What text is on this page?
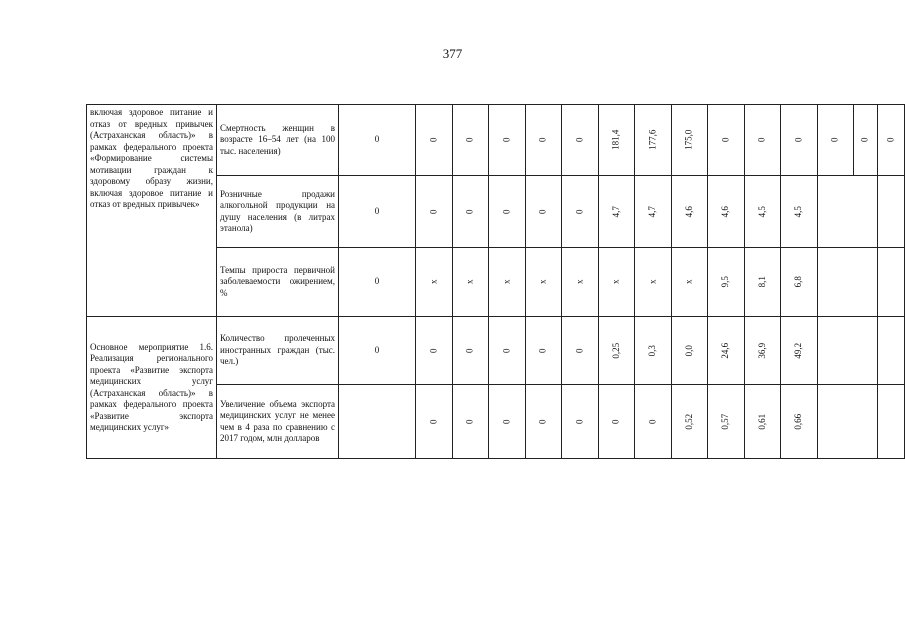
377
включая здоровое питание и отказ от вредных привычек (Астраханская область)» в рамках федерального проекта «Формирование системы мотивации граждан к здоровому образу жизни, включая здоровое питание и отказ от вредных привычек»	Смертность женщин в возрасте 16–54 лет (на 100 тыс. населения)	0	0	0	0	0	0	181,4	177,6	175,0	0	0	0	0	0	0
	Розничные продажи алкогольной продукции на душу населения (в литрах этанола)	0	0	0	0	0	0	4,7	4,7	4,6	4,6	4,5	4,5			
	Темпы прироста первичной заболеваемости ожирением, %	0	х	х	х	х	х	х	х	х	9,5	8,1	6,8			
Основное мероприятие 1.6. Реализация регионального проекта «Развитие экспорта медицинских услуг (Астраханская область)» в рамках федерального проекта «Развитие экспорта медицинских услуг»	Количество пролеченных иностранных граждан (тыс. чел.)	0	0	0	0	0	0	0,25	0,3	0,0	24,6	36,9	49,2			
	Увеличение объема экспорта медицинских услуг не менее чем в 4 раза по сравнению с 2017 годом, млн долларов		0	0	0	0	0	0	0	0,52	0,57	0,61	0,66			
